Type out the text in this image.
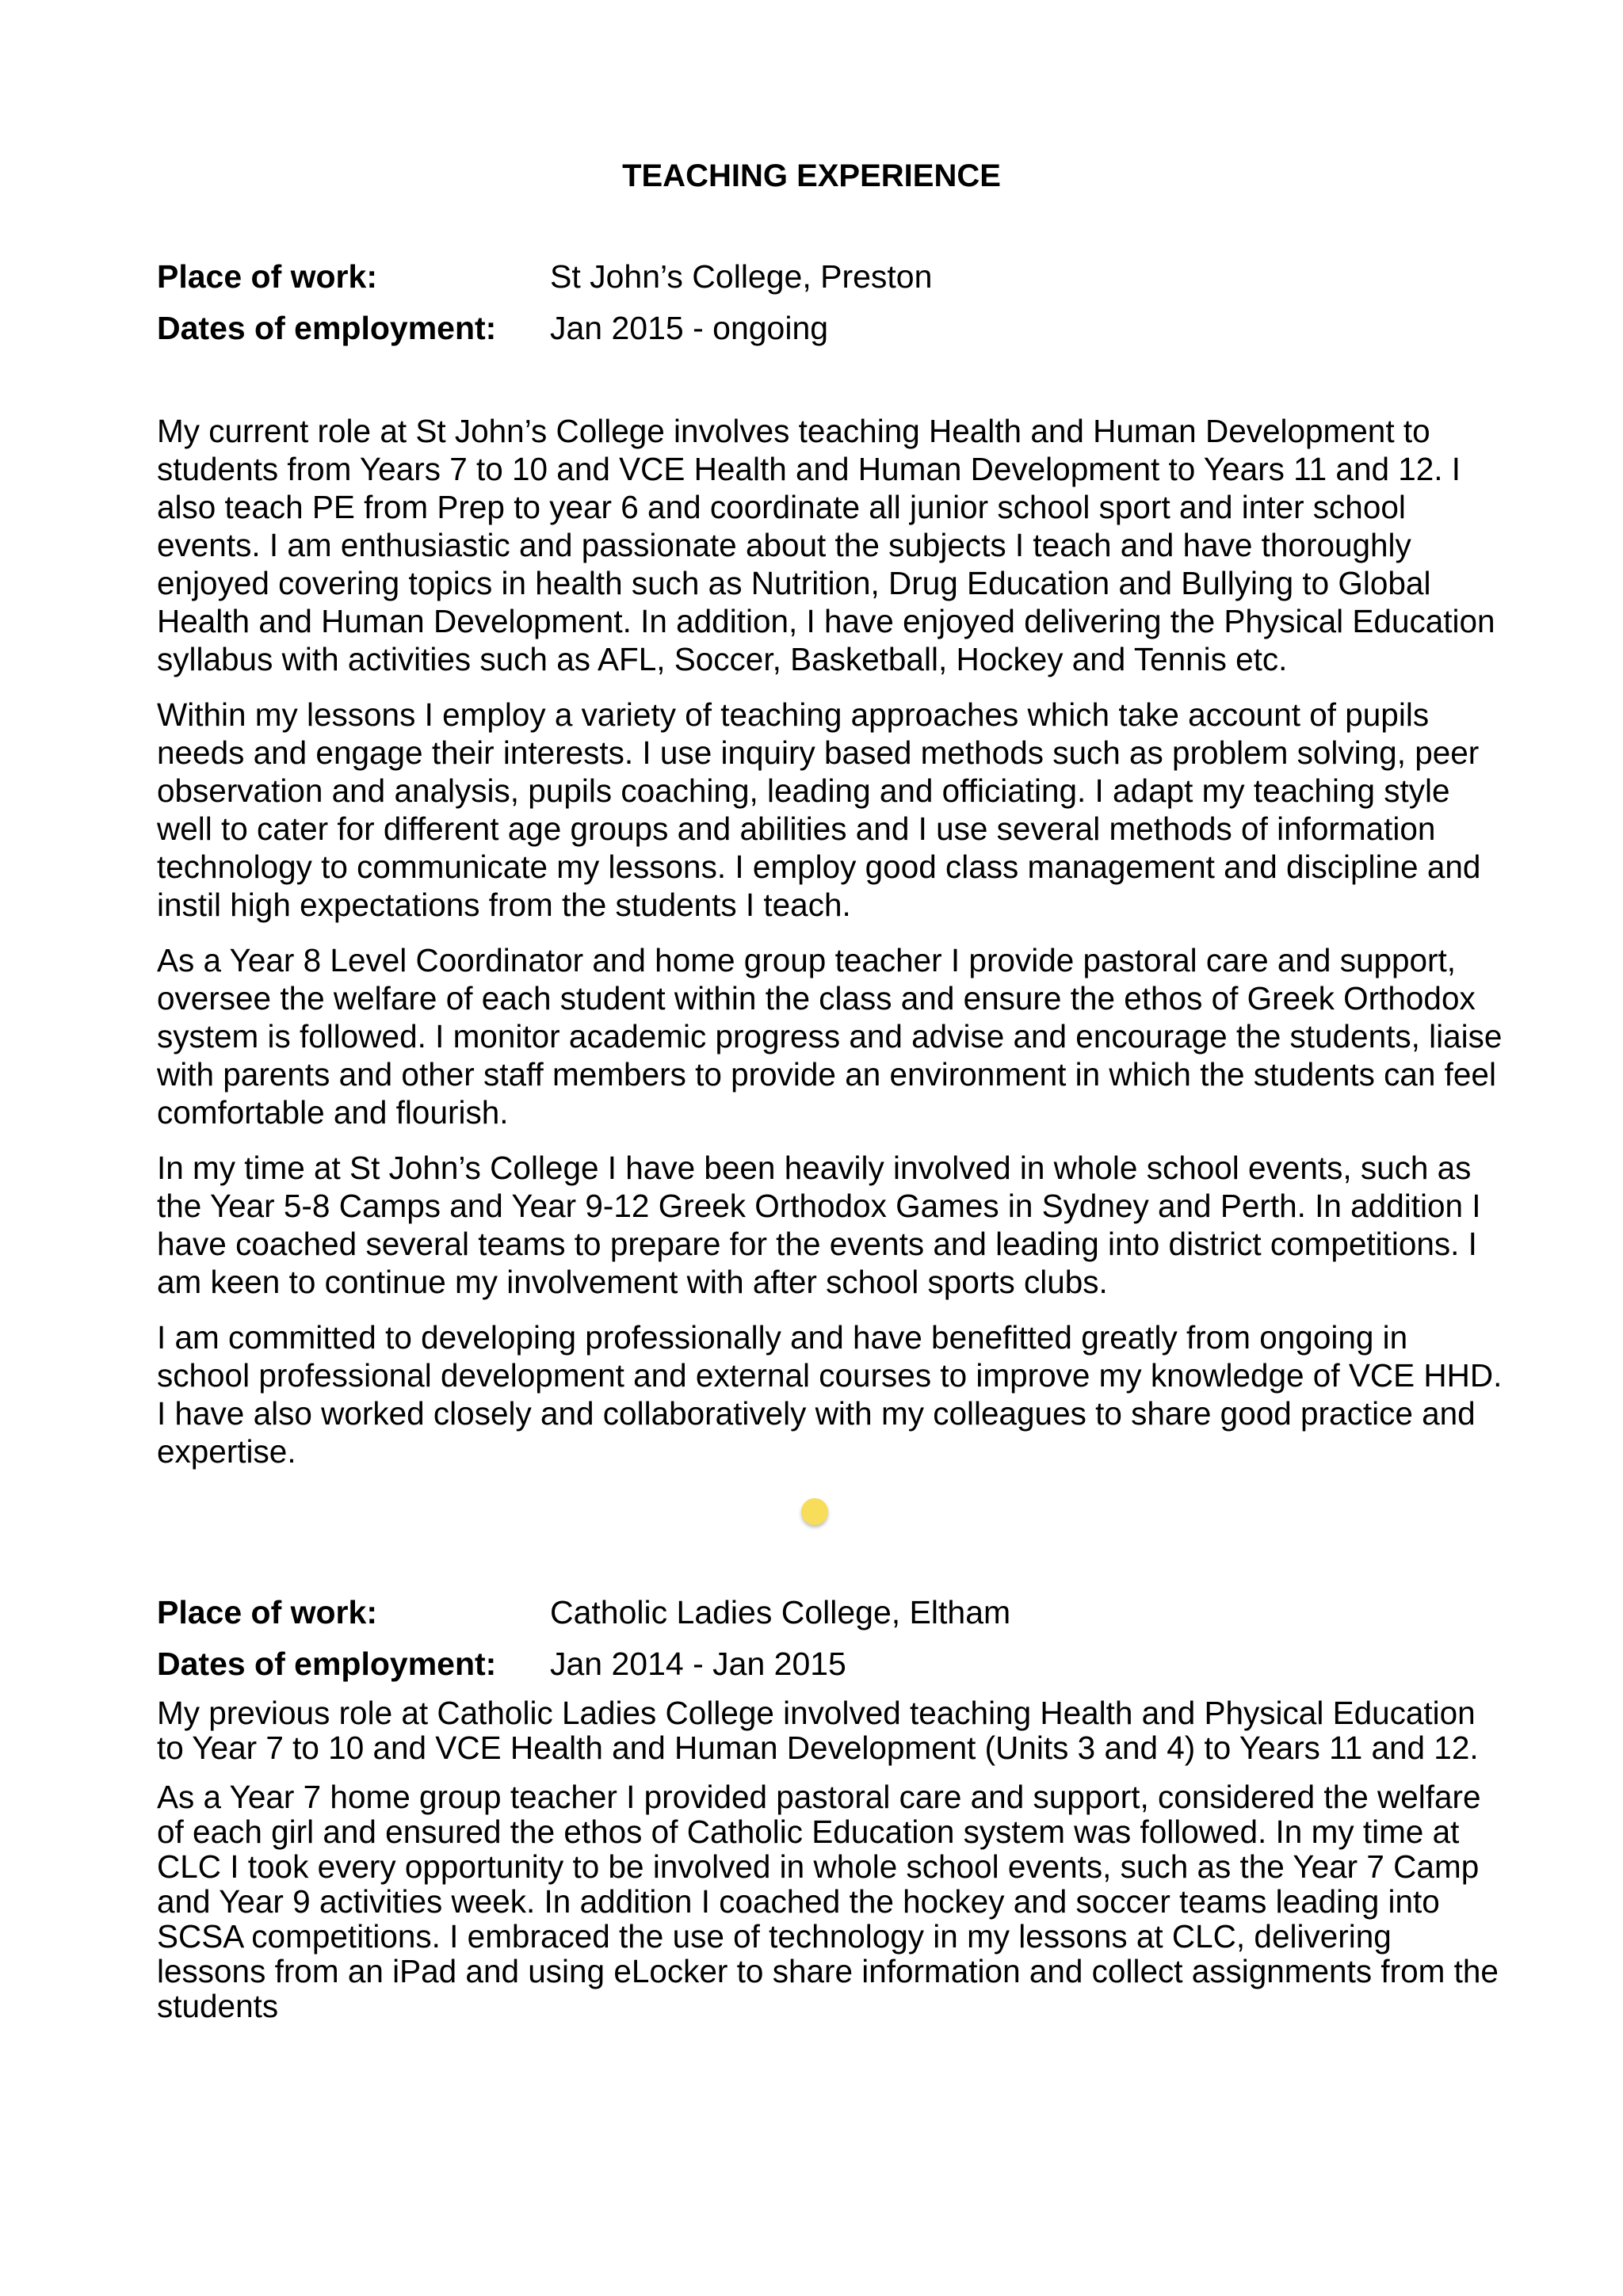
TEACHING EXPERIENCE
Place of work:	St John’s College, Preston
Dates of employment: Jan 2015 - ongoing

My current role at St John’s College involves teaching Health and Human Development to students from Years 7 to 10 and VCE Health and Human Development to Years 11 and 12. I also teach PE from Prep to year 6 and coordinate all junior school sport and inter school events. I am enthusiastic and passionate about the subjects I teach and have thoroughly enjoyed covering topics in health such as Nutrition, Drug Education and Bullying to Global Health and Human Development. In addition, I have enjoyed delivering the Physical Education syllabus with activities such as AFL, Soccer, Basketball, Hockey and Tennis etc.

Within my lessons I employ a variety of teaching approaches which take account of pupils needs and engage their interests. I use inquiry based methods such as problem solving, peer observation and analysis, pupils coaching, leading and officiating. I adapt my teaching style well to cater for different age groups and abilities and I use several methods of information technology to communicate my lessons. I employ good class management and discipline and instil high expectations from the students I teach.

As a Year 8 Level Coordinator and home group teacher I provide pastoral care and support, oversee the welfare of each student within the class and ensure the ethos of Greek Orthodox system is followed. I monitor academic progress and advise and encourage the students, liaise with parents and other staff members to provide an environment in which the students can feel comfortable and flourish.

In my time at St John’s College I have been heavily involved in whole school events, such as the Year 5-8 Camps and Year 9-12 Greek Orthodox Games in Sydney and Perth. In addition I have coached several teams to prepare for the events and leading into district competitions. I am keen to continue my involvement with after school sports clubs.

I am committed to developing professionally and have benefitted greatly from ongoing in school professional development and external courses to improve my knowledge of VCE HHD. I have also worked closely and collaboratively with my colleagues to share good practice and expertise.

Place of work:	Catholic Ladies College, Eltham
Dates of employment: Jan 2014 - Jan 2015

My previous role at Catholic Ladies College involved teaching Health and Physical Education to Year 7 to 10 and VCE Health and Human Development (Units 3 and 4) to Years 11 and 12.

As a Year 7 home group teacher I provided pastoral care and support, considered the welfare of each girl and ensured the ethos of Catholic Education system was followed. In my time at CLC I took every opportunity to be involved in whole school events, such as the Year 7 Camp and Year 9 activities week. In addition I coached the hockey and soccer teams leading into SCSA competitions. I embraced the use of technology in my lessons at CLC, delivering lessons from an iPad and using eLocker to share information and collect assignments from the students
